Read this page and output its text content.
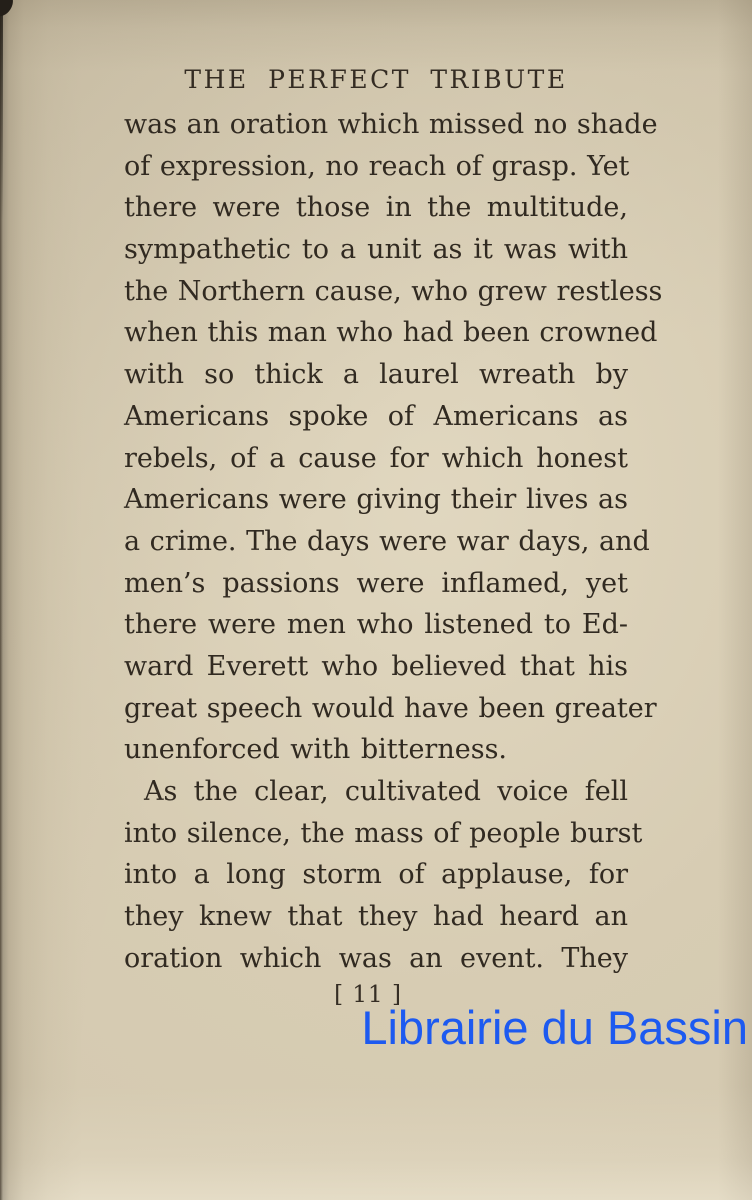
THE PERFECT TRIBUTE
was an oration which missed no shade
of expression, no reach of grasp. Yet
there were those in the multitude,
sympathetic to a unit as it was with
the Northern cause, who grew restless
when this man who had been crowned
with so thick a laurel wreath by
Americans spoke of Americans as
rebels, of a cause for which honest
Americans were giving their lives as
a crime. The days were war days, and
men’s passions were inflamed, yet
there were men who listened to Ed-
ward Everett who believed that his
great speech would have been greater
unenforced with bitterness.
As the clear, cultivated voice fell
into silence, the mass of people burst
into a long storm of applause, for
they knew that they had heard an
oration which was an event. They
[ 11 ]
Librairie du Bassin
